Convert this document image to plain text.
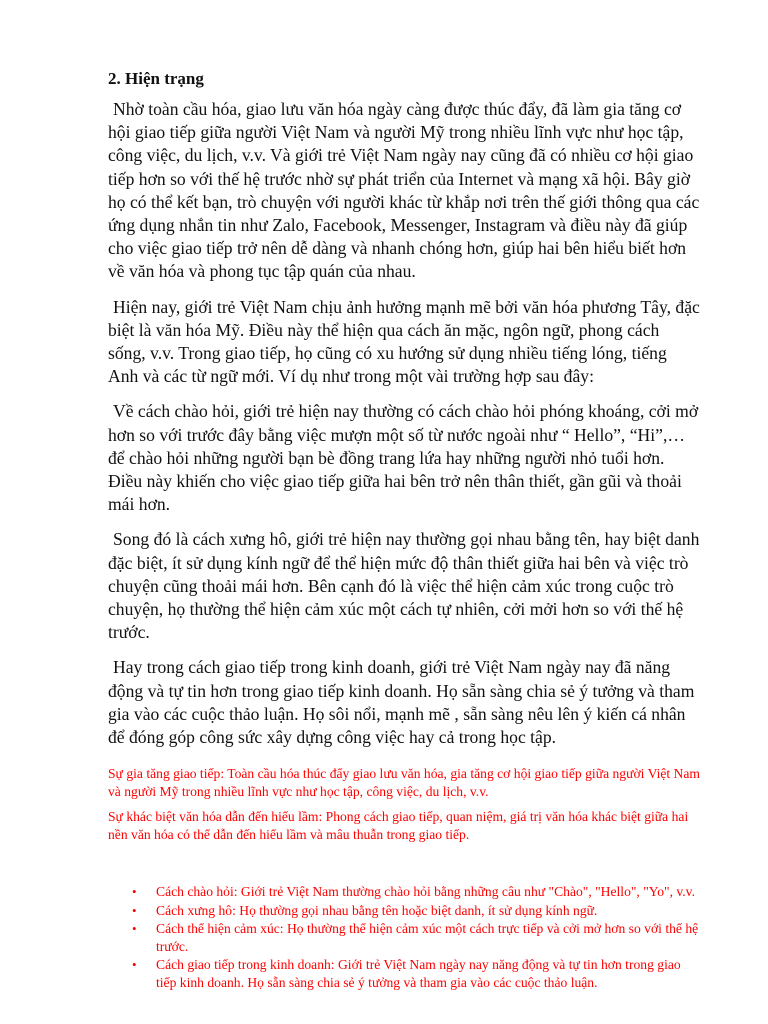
2. Hiện trạng

Nhờ toàn cầu hóa, giao lưu văn hóa ngày càng được thúc đẩy, đã làm gia tăng cơ hội giao tiếp giữa người Việt Nam và người Mỹ trong nhiều lĩnh vực như học tập, công việc, du lịch, v.v. Và giới trẻ Việt Nam ngày nay cũng đã có nhiều cơ hội giao tiếp hơn so với thế hệ trước nhờ sự phát triển của Internet và mạng xã hội. Bây giờ họ có thể kết bạn, trò chuyện với người khác từ khắp nơi trên thế giới thông qua các ứng dụng nhắn tin như Zalo, Facebook, Messenger, Instagram và điều này đã giúp cho việc giao tiếp trở nên dễ dàng và nhanh chóng hơn, giúp hai bên hiểu biết hơn về văn hóa và phong tục tập quán của nhau.

Hiện nay, giới trẻ Việt Nam chịu ảnh hưởng mạnh mẽ bởi văn hóa phương Tây, đặc biệt là văn hóa Mỹ. Điều này thể hiện qua cách ăn mặc, ngôn ngữ, phong cách sống, v.v. Trong giao tiếp, họ cũng có xu hướng sử dụng nhiều tiếng lóng, tiếng Anh và các từ ngữ mới. Ví dụ như trong một vài trường hợp sau đây:

Về cách chào hỏi, giới trẻ hiện nay thường có cách chào hỏi phóng khoáng, cởi mở hơn so với trước đây bằng việc mượn một số từ nước ngoài như “ Hello”, “Hi”,… để chào hỏi những người bạn bè đồng trang lứa hay những người nhỏ tuổi hơn. Điều này khiến cho việc giao tiếp giữa hai bên trở nên thân thiết, gần gũi và thoải mái hơn.

Song đó là cách xưng hô, giới trẻ hiện nay thường gọi nhau bằng tên, hay biệt danh đặc biệt, ít sử dụng kính ngữ để thể hiện mức độ thân thiết giữa hai bên và việc trò chuyện cũng thoải mái hơn. Bên cạnh đó là việc thể hiện cảm xúc trong cuộc trò chuyện, họ thường thể hiện cảm xúc một cách tự nhiên, cởi mởi hơn so với thế hệ trước.

Hay trong cách giao tiếp trong kinh doanh, giới trẻ Việt Nam ngày nay đã năng động và tự tin hơn trong giao tiếp kinh doanh. Họ sẵn sàng chia sẻ ý tưởng và tham gia vào các cuộc thảo luận. Họ sôi nổi, mạnh mẽ , sẵn sàng nêu lên ý kiến cá nhân để đóng góp công sức xây dựng công việc hay cả trong học tập.

Sự gia tăng giao tiếp: Toàn cầu hóa thúc đẩy giao lưu văn hóa, gia tăng cơ hội giao tiếp giữa người Việt Nam và người Mỹ trong nhiều lĩnh vực như học tập, công việc, du lịch, v.v.

Sự khác biệt văn hóa dẫn đến hiểu lầm: Phong cách giao tiếp, quan niệm, giá trị văn hóa khác biệt giữa hai nền văn hóa có thể dẫn đến hiểu lầm và mâu thuẫn trong giao tiếp.

• Cách chào hỏi: Giới trẻ Việt Nam thường chào hỏi bằng những câu như "Chào", "Hello", "Yo", v.v.
• Cách xưng hô: Họ thường gọi nhau bằng tên hoặc biệt danh, ít sử dụng kính ngữ.
• Cách thể hiện cảm xúc: Họ thường thể hiện cảm xúc một cách trực tiếp và cởi mở hơn so với thế hệ trước.
• Cách giao tiếp trong kinh doanh: Giới trẻ Việt Nam ngày nay năng động và tự tin hơn trong giao tiếp kinh doanh. Họ sẵn sàng chia sẻ ý tưởng và tham gia vào các cuộc thảo luận.
